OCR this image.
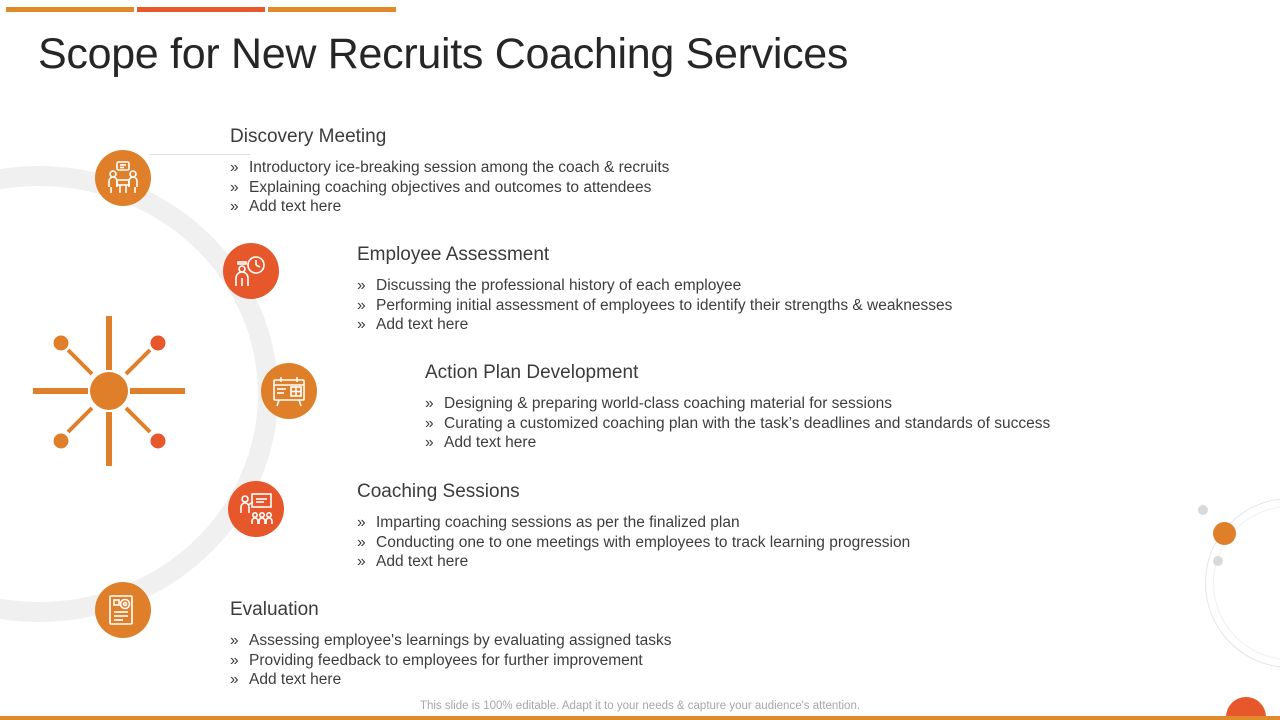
Scope for New Recruits Coaching Services
Discovery Meeting
» Introductory ice-breaking session among the coach & recruits
» Explaining coaching objectives and outcomes to attendees
» Add text here
Employee Assessment
» Discussing the professional history of each employee
» Performing initial assessment of employees to identify their strengths & weaknesses
» Add text here
Action Plan Development
» Designing & preparing world-class coaching material for sessions
» Curating a customized coaching plan with the task’s deadlines and standards of success
» Add text here
Coaching Sessions
» Imparting coaching sessions as per the finalized plan
» Conducting one to one meetings with employees to track learning progression
» Add text here
Evaluation
» Assessing employee's learnings by evaluating assigned tasks
» Providing feedback to employees for further improvement
» Add text here
This slide is 100% editable. Adapt it to your needs & capture your audience's attention.
